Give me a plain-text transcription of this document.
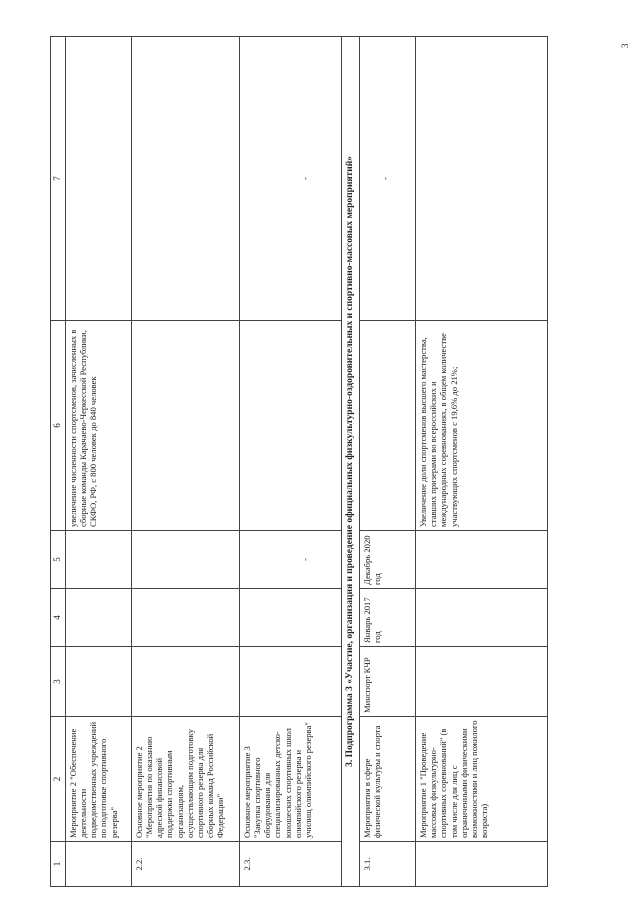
3
1	2	3	4	5	6	7
	Мероприятие 2 "Обеспечение деятельности подведомственных учреждений по подготовке спортивного резерва"				увеличение численности спортсменов, зачисленных в сборные команды Карачаево-Черкесской Республики, СКФО, РФ, с 800 человек до 840 человек	
2.2.	Основное мероприятие 2 "Мероприятия по оказанию адресной финансовой поддержки спортивным организациям, осуществляющим подготовку спортивного резерва для сборных команд Российской Федерации"					
2.3.	Основное мероприятие 3 "Закупка спортивного оборудования для специализированных детско-юношеских спортивных школ олимпийского резерва и училищ олимпийского резерва"			-		-
3. Подпрограмма 3 «Участие, организация и проведение официальных физкультурно-оздоровительных и спортивно-массовых мероприятий»						
3.1.	Мероприятия в сфере физической культуры и спорта	Минспорт КЧР	Январь 2017 год	Декабрь 2020 год		-
	Мероприятие 1 "Проведение массовых физкультурно-спортивных соревнований" (в том числе для лиц с ограниченными физическими возможностями и лиц пожилого возраста)				Увеличение доли спортсменов высшего мастерства, ставших призерами во всероссийских и международных соревнованиях, в общем количестве участвующих спортсменов с 19,6% до 21%;	
